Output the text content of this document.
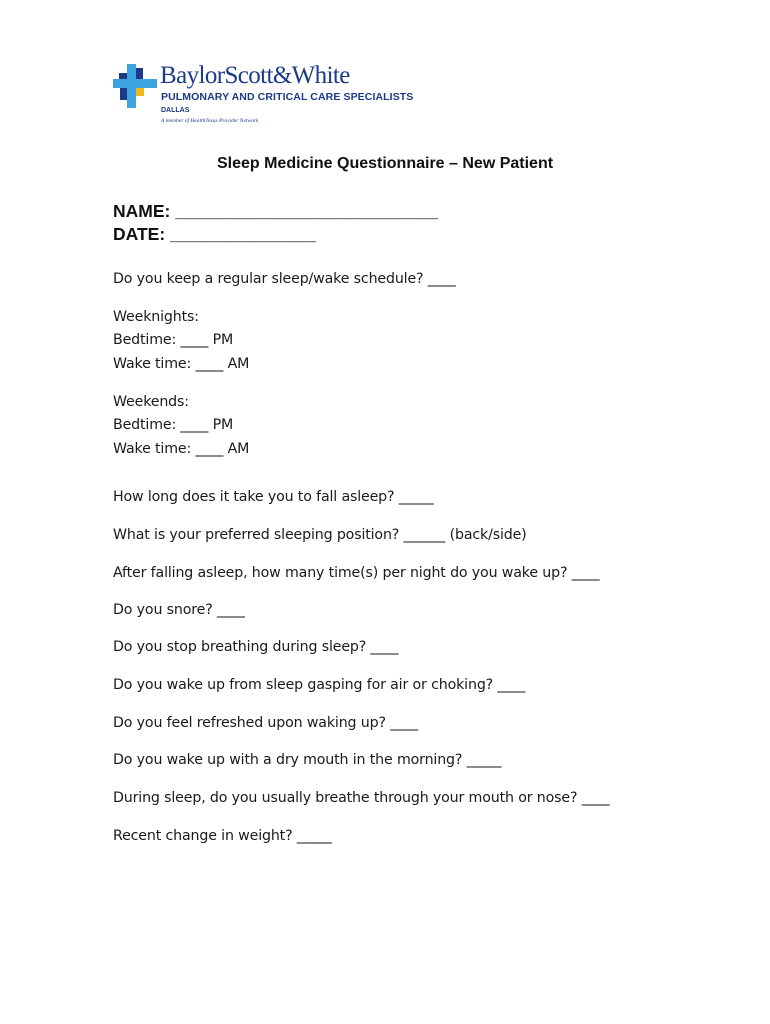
BaylorScott&White
PULMONARY AND CRITICAL CARE SPECIALISTS
DALLAS
A member of HealthTexas Provider Network
Sleep Medicine Questionnaire – New Patient
NAME: ___________________________
DATE: _______________
Do you keep a regular sleep/wake schedule? ____
Weeknights:
Bedtime: ____ PM
Wake time: ____ AM
Weekends:
Bedtime: ____ PM
Wake time: ____ AM
How long does it take you to fall asleep? _____
What is your preferred sleeping position? ______ (back/side)
After falling asleep, how many time(s) per night do you wake up? ____
Do you snore? ____
Do you stop breathing during sleep? ____
Do you wake up from sleep gasping for air or choking? ____
Do you feel refreshed upon waking up? ____
Do you wake up with a dry mouth in the morning? _____
During sleep, do you usually breathe through your mouth or nose? ____
Recent change in weight? _____
